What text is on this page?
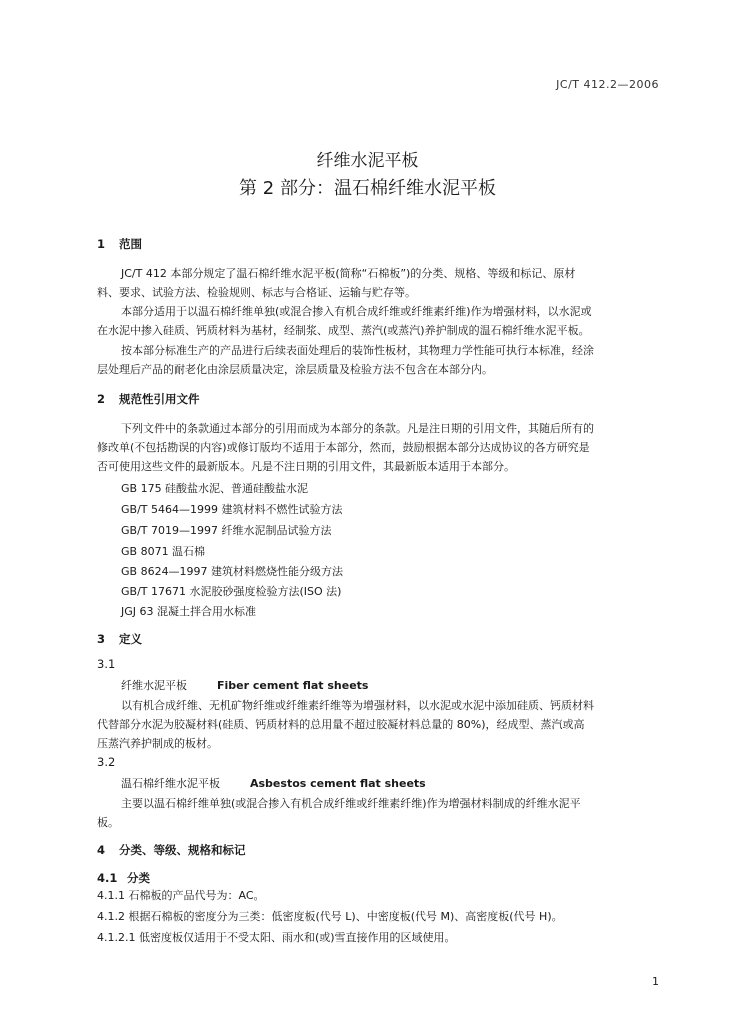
JC/T 412.2—2006
纤维水泥平板
第 2 部分：温石棉纤维水泥平板
1 范围
JC/T 412 本部分规定了温石棉纤维水泥平板(简称“石棉板”)的分类、规格、等级和标记、原材
料、要求、试验方法、检验规则、标志与合格证、运输与贮存等。
本部分适用于以温石棉纤维单独(或混合掺入有机合成纤维或纤维素纤维)作为增强材料，以水泥或
在水泥中掺入硅质、钙质材料为基材，经制浆、成型、蒸汽(或蒸汽)养护制成的温石棉纤维水泥平板。
按本部分标准生产的产品进行后续表面处理后的装饰性板材，其物理力学性能可执行本标准，经涂
层处理后产品的耐老化由涂层质量决定，涂层质量及检验方法不包含在本部分内。
2 规范性引用文件
下列文件中的条款通过本部分的引用而成为本部分的条款。凡是注日期的引用文件，其随后所有的
修改单(不包括勘误的内容)或修订版均不适用于本部分，然而，鼓励根据本部分达成协议的各方研究是
否可使用这些文件的最新版本。凡是不注日期的引用文件，其最新版本适用于本部分。
GB 175 硅酸盐水泥、普通硅酸盐水泥
GB/T 5464—1999 建筑材料不燃性试验方法
GB/T 7019—1997 纤维水泥制品试验方法
GB 8071 温石棉
GB 8624—1997 建筑材料燃烧性能分级方法
GB/T 17671 水泥胶砂强度检验方法(ISO 法)
JGJ 63 混凝土拌合用水标准
3 定义
3.1
纤维水泥平板	Fiber cement flat sheets
以有机合成纤维、无机矿物纤维或纤维素纤维等为增强材料，以水泥或水泥中添加硅质、钙质材料
代替部分水泥为胶凝材料(硅质、钙质材料的总用量不超过胶凝材料总量的 80%)，经成型、蒸汽或高
压蒸汽养护制成的板材。
3.2
温石棉纤维水泥平板	Asbestos cement flat sheets
主要以温石棉纤维单独(或混合掺入有机合成纤维或纤维素纤维)作为增强材料制成的纤维水泥平
板。
4 分类、等级、规格和标记
4.1 分类
4.1.1 石棉板的产品代号为：AC。
4.1.2 根据石棉板的密度分为三类：低密度板(代号 L)、中密度板(代号 M)、高密度板(代号 H)。
4.1.2.1 低密度板仅适用于不受太阳、雨水和(或)雪直接作用的区域使用。
1
